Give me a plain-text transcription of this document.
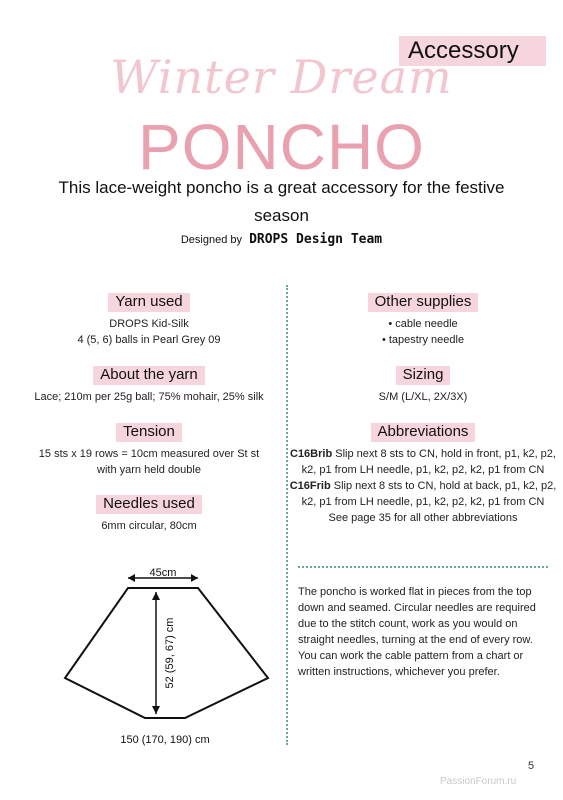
Accessory
Winter Dream
PONCHO
This lace-weight poncho is a great accessory for the festive season
Designed by DROPS Design Team
Yarn used
DROPS Kid-Silk
4 (5, 6) balls in Pearl Grey 09
About the yarn
Lace; 210m per 25g ball; 75% mohair, 25% silk
Tension
15 sts x 19 rows = 10cm measured over St st
with yarn held double
Needles used
6mm circular, 80cm
Other supplies
• cable needle
• tapestry needle
Sizing
S/M (L/XL, 2X/3X)
Abbreviations
C16Brib Slip next 8 sts to CN, hold in front, p1, k2, p2, k2, p1 from LH needle, p1, k2, p2, k2, p1 from CN
C16Frib Slip next 8 sts to CN, hold at back, p1, k2, p2, k2, p1 from LH needle, p1, k2, p2, k2, p1 from CN
See page 35 for all other abbreviations
The poncho is worked flat in pieces from the top down and seamed. Circular needles are required due to the stitch count, work as you would on straight needles, turning at the end of every row. You can work the cable pattern from a chart or written instructions, whichever you prefer.
45cm
52 (59, 67) cm
150 (170, 190) cm
5
PassionForum.ru
